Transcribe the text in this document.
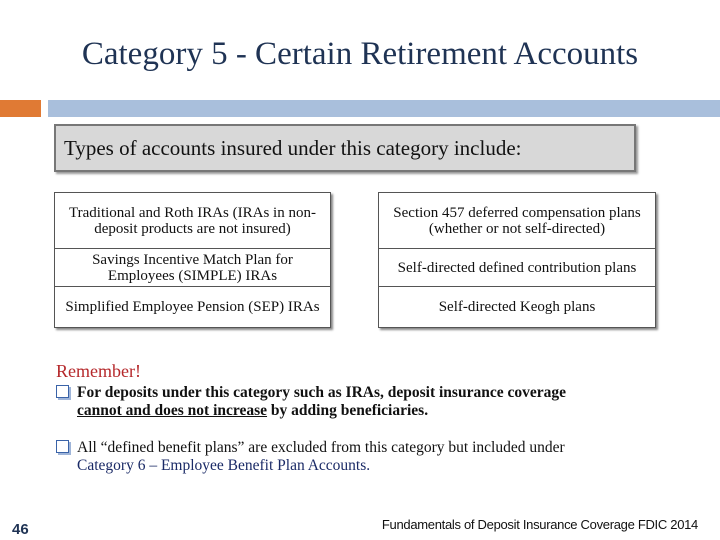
Category 5 - Certain Retirement Accounts
Types of accounts insured under this category include:
Traditional and Roth IRAs (IRAs in non-deposit products are not insured)
Savings Incentive Match Plan for Employees (SIMPLE) IRAs
Simplified Employee Pension (SEP) IRAs
Section 457 deferred compensation plans (whether or not self-directed)
Self-directed defined contribution plans
Self-directed Keogh plans
Remember!
For deposits under this category such as IRAs, deposit insurance coverage
cannot and does not increase by adding beneficiaries.
All “defined benefit plans” are excluded from this category but included under
Category 6 – Employee Benefit Plan Accounts.
46	Fundamentals of Deposit Insurance Coverage FDIC 2014
